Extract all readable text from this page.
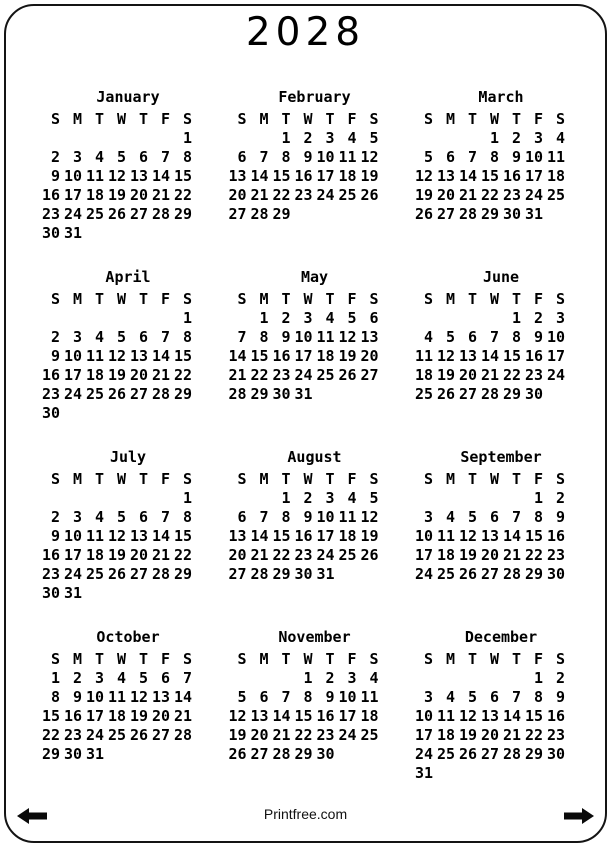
2028
January
S M T W T F S
1
2 3 4 5 6 7 8
9 10 11 12 13 14 15
16 17 18 19 20 21 22
23 24 25 26 27 28 29
30 31
February
S M T W T F S
1 2 3 4 5
6 7 8 9 10 11 12
13 14 15 16 17 18 19
20 21 22 23 24 25 26
27 28 29
March
S M T W T F S
1 2 3 4
5 6 7 8 9 10 11
12 13 14 15 16 17 18
19 20 21 22 23 24 25
26 27 28 29 30 31
April
S M T W T F S
1
2 3 4 5 6 7 8
9 10 11 12 13 14 15
16 17 18 19 20 21 22
23 24 25 26 27 28 29
30
May
S M T W T F S
1 2 3 4 5 6
7 8 9 10 11 12 13
14 15 16 17 18 19 20
21 22 23 24 25 26 27
28 29 30 31
June
S M T W T F S
1 2 3
4 5 6 7 8 9 10
11 12 13 14 15 16 17
18 19 20 21 22 23 24
25 26 27 28 29 30
July
S M T W T F S
1
2 3 4 5 6 7 8
9 10 11 12 13 14 15
16 17 18 19 20 21 22
23 24 25 26 27 28 29
30 31
August
S M T W T F S
1 2 3 4 5
6 7 8 9 10 11 12
13 14 15 16 17 18 19
20 21 22 23 24 25 26
27 28 29 30 31
September
S M T W T F S
1 2
3 4 5 6 7 8 9
10 11 12 13 14 15 16
17 18 19 20 21 22 23
24 25 26 27 28 29 30
October
S M T W T F S
1 2 3 4 5 6 7
8 9 10 11 12 13 14
15 16 17 18 19 20 21
22 23 24 25 26 27 28
29 30 31
November
S M T W T F S
1 2 3 4
5 6 7 8 9 10 11
12 13 14 15 16 17 18
19 20 21 22 23 24 25
26 27 28 29 30
December
S M T W T F S
1 2
3 4 5 6 7 8 9
10 11 12 13 14 15 16
17 18 19 20 21 22 23
24 25 26 27 28 29 30
31
Printfree.com
